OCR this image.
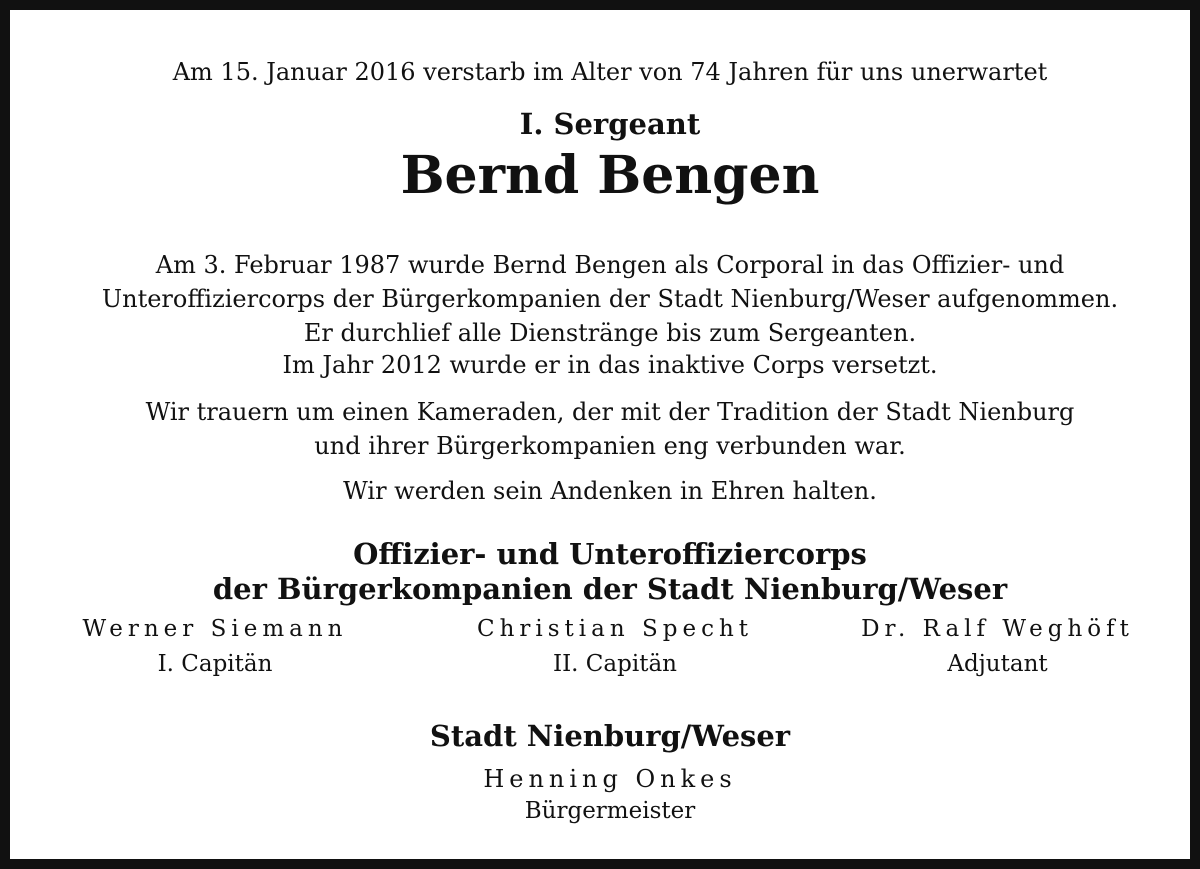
Am 15. Januar 2016 verstarb im Alter von 74 Jahren für uns unerwartet
I. Sergeant
Bernd Bengen
Am 3. Februar 1987 wurde Bernd Bengen als Corporal in das Offizier- und
Unteroffiziercorps der Bürgerkompanien der Stadt Nienburg/Weser aufgenommen.
Er durchlief alle Dienstränge bis zum Sergeanten.
Im Jahr 2012 wurde er in das inaktive Corps versetzt.
Wir trauern um einen Kameraden, der mit der Tradition der Stadt Nienburg
und ihrer Bürgerkompanien eng verbunden war.
Wir werden sein Andenken in Ehren halten.
Offizier- und Unteroffiziercorps
der Bürgerkompanien der Stadt Nienburg/Weser
Werner Siemann
I. Capitän
Christian Specht
II. Capitän
Dr. Ralf Weghöft
Adjutant
Stadt Nienburg/Weser
Henning Onkes
Bürgermeister
